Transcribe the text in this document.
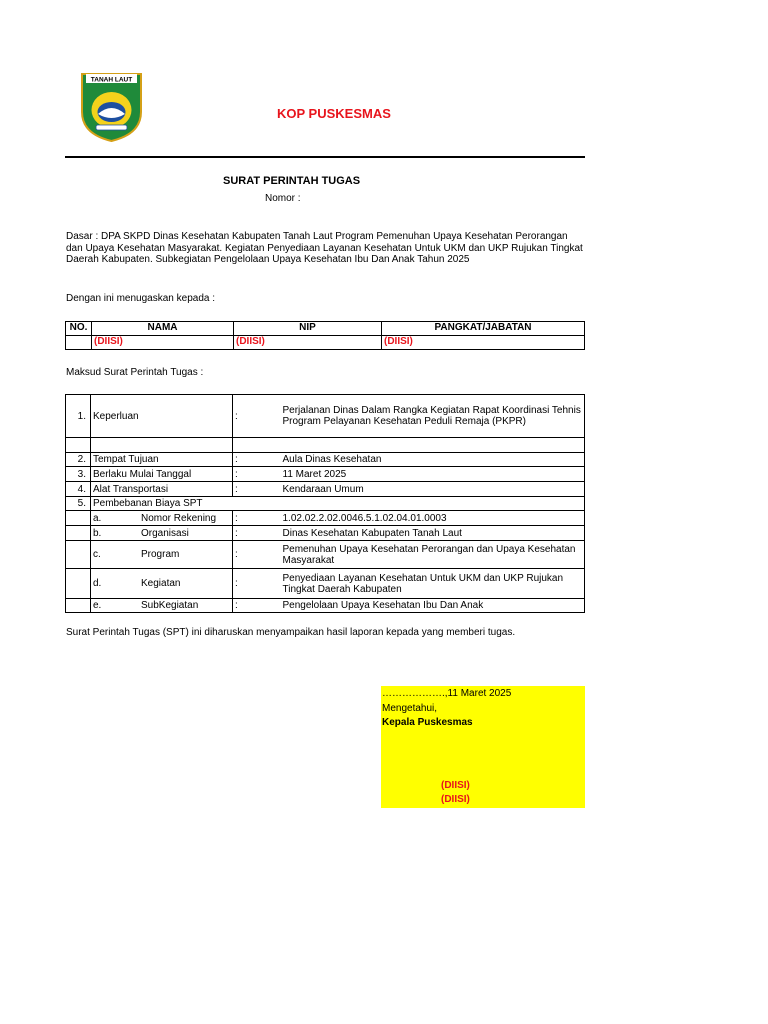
TANAH LAUT
KOP PUSKESMAS
SURAT PERINTAH TUGAS
Nomor :
Dasar : DPA SKPD Dinas Kesehatan Kabupaten Tanah Laut Program Pemenuhan Upaya Kesehatan Perorangan dan Upaya Kesehatan Masyarakat. Kegiatan Penyediaan Layanan Kesehatan Untuk UKM dan UKP Rujukan Tingkat Daerah Kabupaten. Subkegiatan Pengelolaan Upaya Kesehatan Ibu Dan Anak Tahun 2025
Dengan ini menugaskan kepada :
NO.	NAMA	NIP	PANGKAT/JABATAN
	(DIISI)	(DIISI)	(DIISI)
Maksud Surat Perintah Tugas :
1.	Keperluan	:	Perjalanan Dinas Dalam Rangka Kegiatan Rapat Koordinasi Tehnis Program Pelayanan Kesehatan Peduli Remaja (PKPR)

2.	Tempat Tujuan	:	Aula Dinas Kesehatan
3.	Berlaku Mulai Tanggal	:	11 Maret 2025
4.	Alat Transportasi	:	Kendaraan Umum
5.	Pembebanan Biaya SPT		
	a. Nomor Rekening	:	1.02.02.2.02.0046.5.1.02.04.01.0003
	b. Organisasi	:	Dinas Kesehatan Kabupaten Tanah Laut
	c. Program	:	Pemenuhan Upaya Kesehatan Perorangan dan Upaya Kesehatan Masyarakat
	d. Kegiatan	:	Penyediaan Layanan Kesehatan Untuk UKM dan UKP Rujukan Tingkat Daerah Kabupaten
	e. SubKegiatan	:	Pengelolaan Upaya Kesehatan Ibu Dan Anak
Surat Perintah Tugas (SPT) ini diharuskan menyampaikan hasil laporan kepada yang memberi tugas.
……………….,11 Maret 2025
Mengetahui,
Kepala Puskesmas
(DIISI)
(DIISI)
